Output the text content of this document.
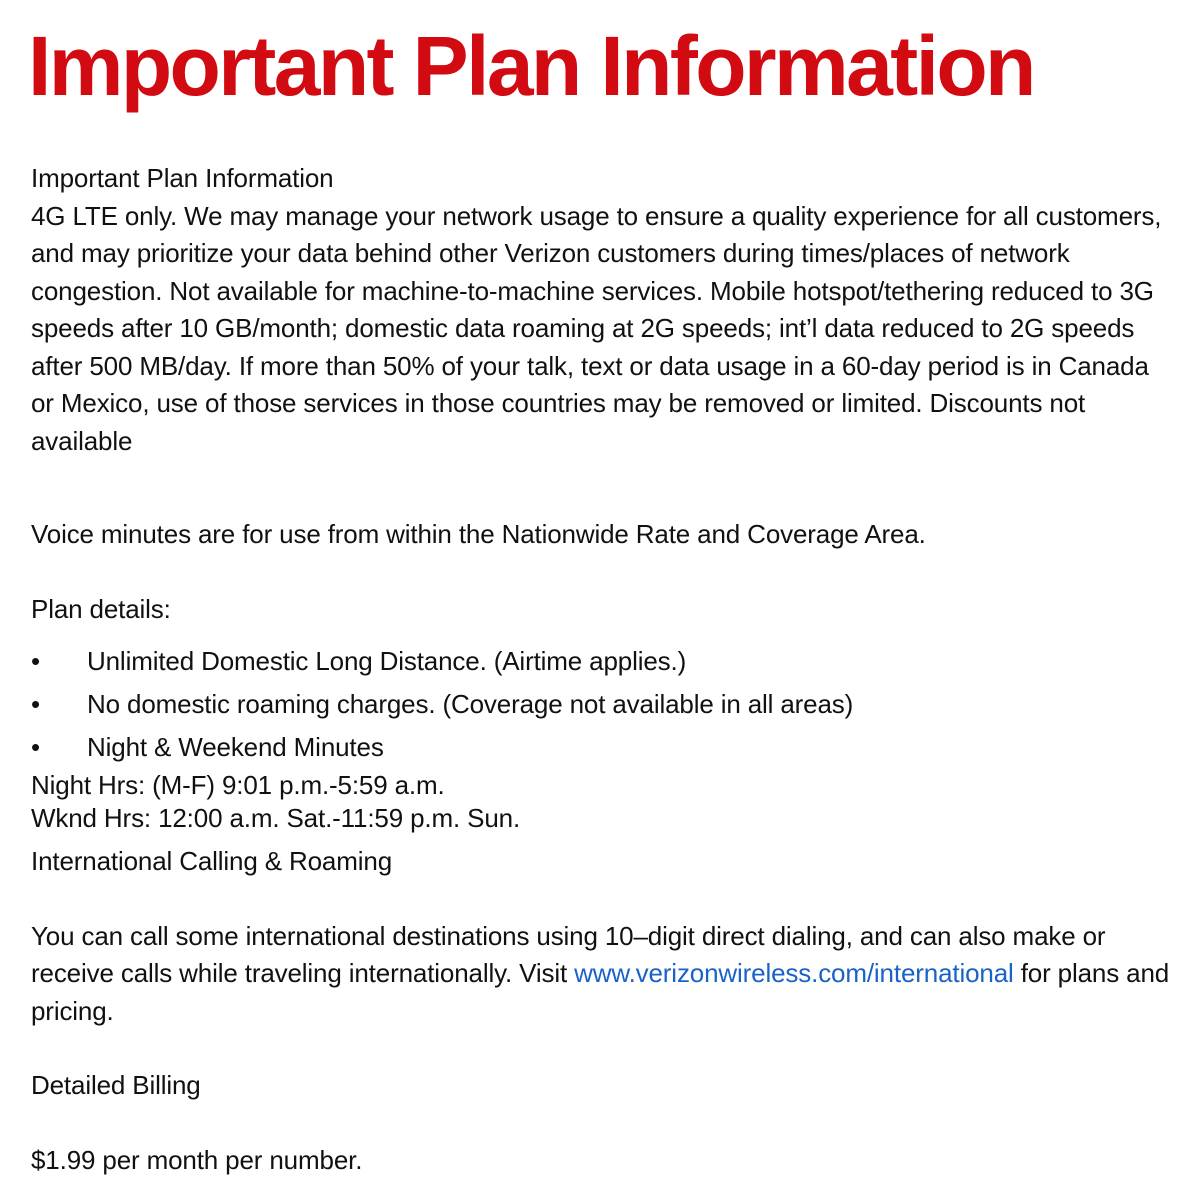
Important Plan Information

Important Plan Information

4G LTE only. We may manage your network usage to ensure a quality experience for all customers, and may prioritize your data behind other Verizon customers during times/places of network congestion. Not available for machine-to-machine services. Mobile hotspot/tethering reduced to 3G speeds after 10 GB/month; domestic data roaming at 2G speeds; int’l data reduced to 2G speeds after 500 MB/day. If more than 50% of your talk, text or data usage in a 60-day period is in Canada or Mexico, use of those services in those countries may be removed or limited. Discounts not available

Voice minutes are for use from within the Nationwide Rate and Coverage Area.

Plan details:

• Unlimited Domestic Long Distance. (Airtime applies.)
• No domestic roaming charges. (Coverage not available in all areas)
• Night & Weekend Minutes

Night Hrs: (M-F) 9:01 p.m.-5:59 a.m.

Wknd Hrs: 12:00 a.m. Sat.-11:59 p.m. Sun.

International Calling & Roaming

You can call some international destinations using 10–digit direct dialing, and can also make or receive calls while traveling internationally. Visit www.verizonwireless.com/international for plans and pricing.

Detailed Billing

$1.99 per month per number.
